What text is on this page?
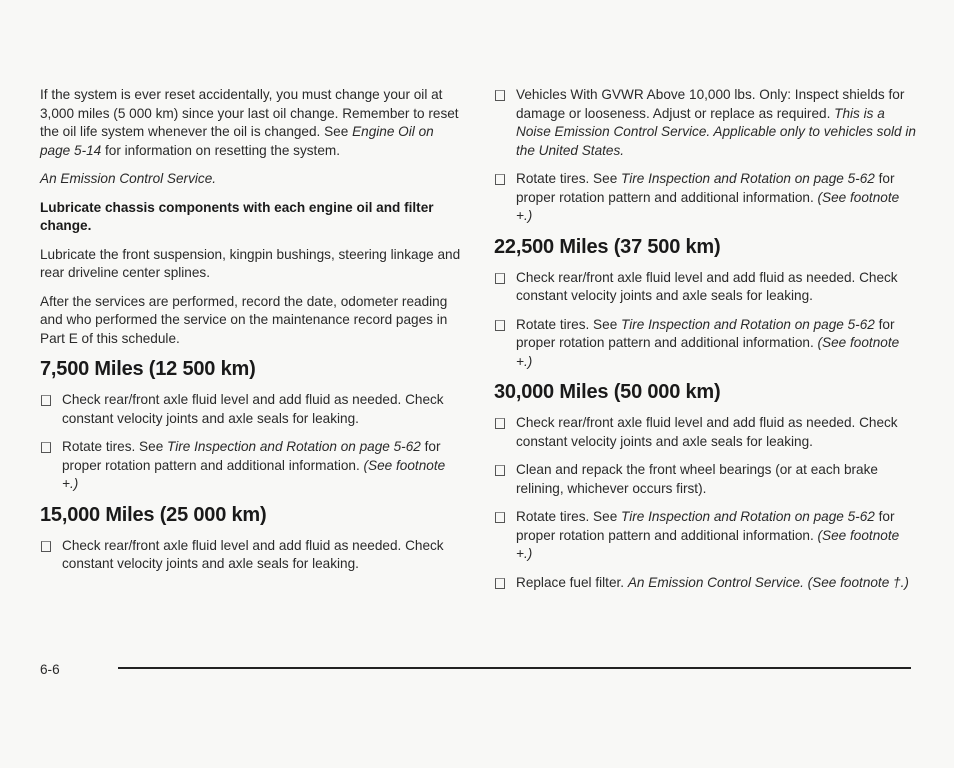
If the system is ever reset accidentally, you must change your oil at 3,000 miles (5 000 km) since your last oil change. Remember to reset the oil life system whenever the oil is changed. See Engine Oil on page 5-14 for information on resetting the system.

An Emission Control Service.

Lubricate chassis components with each engine oil and filter change.

Lubricate the front suspension, kingpin bushings, steering linkage and rear driveline center splines.

After the services are performed, record the date, odometer reading and who performed the service on the maintenance record pages in Part E of this schedule.

7,500 Miles (12 500 km)
Check rear/front axle fluid level and add fluid as needed. Check constant velocity joints and axle seals for leaking.
Rotate tires. See Tire Inspection and Rotation on page 5-62 for proper rotation pattern and additional information. (See footnote +.)
15,000 Miles (25 000 km)
Check rear/front axle fluid level and add fluid as needed. Check constant velocity joints and axle seals for leaking.
Vehicles With GVWR Above 10,000 lbs. Only: Inspect shields for damage or looseness. Adjust or replace as required. This is a Noise Emission Control Service. Applicable only to vehicles sold in the United States.
Rotate tires. See Tire Inspection and Rotation on page 5-62 for proper rotation pattern and additional information. (See footnote +.)
22,500 Miles (37 500 km)
Check rear/front axle fluid level and add fluid as needed. Check constant velocity joints and axle seals for leaking.
Rotate tires. See Tire Inspection and Rotation on page 5-62 for proper rotation pattern and additional information. (See footnote +.)
30,000 Miles (50 000 km)
Check rear/front axle fluid level and add fluid as needed. Check constant velocity joints and axle seals for leaking.
Clean and repack the front wheel bearings (or at each brake relining, whichever occurs first).
Rotate tires. See Tire Inspection and Rotation on page 5-62 for proper rotation pattern and additional information. (See footnote +.)
Replace fuel filter. An Emission Control Service. (See footnote †.)
6-6
